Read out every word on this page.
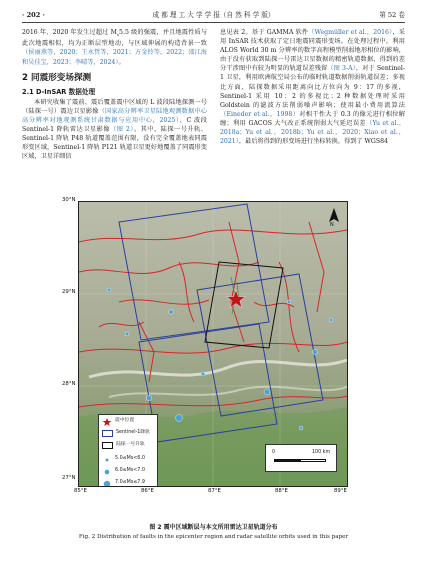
· 202 ·	成 都 理 工 大 学 学 报（自 然 科 学 版）	第 52 卷

2016 年、2020 年发生过超过 $M_s5.5$ 级的强震，并且地震性质与此次地震相似，均为正断层型地动，与区域伸展的构造背景一致（侯丽燕等，2020；王永哲等，2021；方金铃等，2022；邵江海和吴佳宝，2023；李晴等，2024）。

2 同震形变场探测
2.1 D-InSAR 数据处理

本研究收集了震前、震后覆盖震中区域的 L 波段陆地探测一号（陆探一号）震边卫星影像（国家高分辨率卫星陆地观测数据中心高分辨率对地观测系统甘肃数据与应用中心，2025）、C 波段 Sentinel-1 降轨雷达卫星影像（图 2）。其中，陆探一号升轨、Sentinel-1 降轨 P48 轨道覆盖范围有限，没有完全覆盖地表同震形变区域，Sentinel-1 降轨 P121 轨道卫星更好地覆盖了同震形变区域，卫星详细信

息见表 2。基于 GAMMA 软件（Wegmüller et al.，2016），采用 InSAR 技术获取了定日地震同震形变场。在处理过程中，利用 ALOS World 30 m 分辨率的数字高程模型削弱地形相位的影响，由于没有获取到陆探一号雷达卫星数据的精密轨道数据，得到的差分干涉图中有较为明显的轨道误差残留（图 3-A），对于 Sentinel-1 卫星，利用欧洲航空局公布的临时轨道数据削弱轨道误差；多视比方面，陆探数据采用距离向比方位向为 9：17 的多视，Sentinel-1 采用 10：2 的多视比；2 种数据处理时采用 Goldstein 的滤波方法削弱噪声影响；使用最小费用流算法（Eineder et al.，1998）对相干性大于 0.3 的像元进行相位解缠；利用 GACOS 大气改正系统削弱大气延迟误差（Yu et al.，2018a；Yu et al.，2018b；Yu et al.，2020；Xiao et al.，2021），最后将得到的形变场进行坐标转换，得到了 WGS84

30°N
29°N
28°N
27°N
85°E	86°E	87°E	88°E	89°E
N
震中位置
Sentinel-1降轨
陆探一号升轨
5.0≤Ms<6.0
6.0≤Ms<7.0
7.0≤Ms≤7.9
0	100 km
图 2 震中区域断层与本文所用雷达卫星轨道分布
Fig. 2 Distribution of faults in the epicenter region and radar satellite orbits used in this paper
